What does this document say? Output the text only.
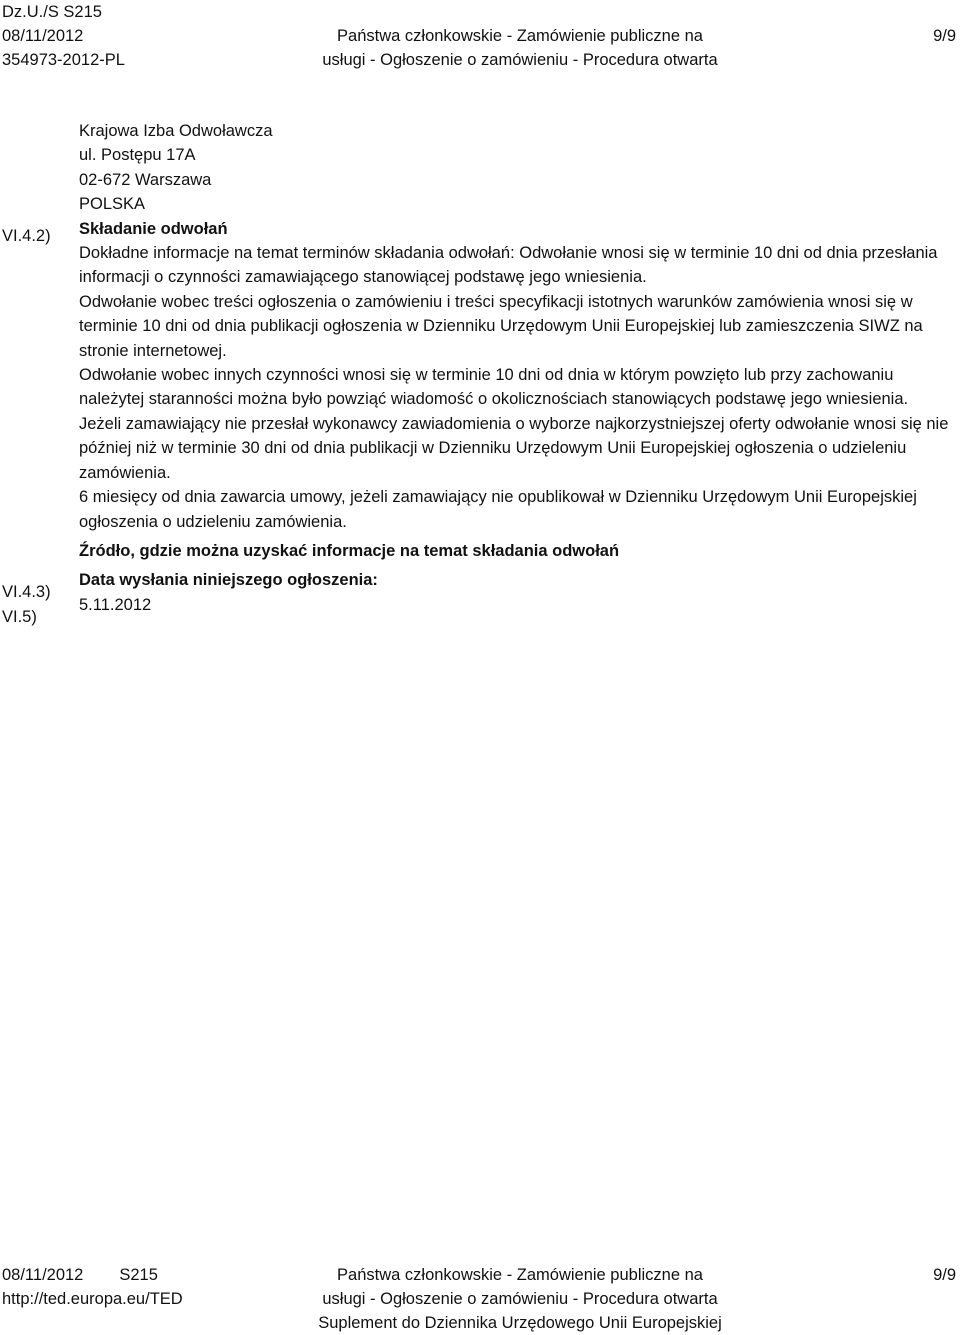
Dz.U./S S215
08/11/2012
354973-2012-PL
Państwa członkowskie - Zamówienie publiczne na
usługi - Ogłoszenie o zamówieniu - Procedura otwarta
9/9
VI.4.2)
VI.4.3)
VI.5)

Krajowa Izba Odwoławcza

ul. Postępu 17A

02-672 Warszawa

POLSKA

Składanie odwołań

Dokładne informacje na temat terminów składania odwołań: Odwołanie wnosi się w terminie 10 dni od dnia przesłania informacji o czynności zamawiającego stanowiącej podstawę jego wniesienia.

Odwołanie wobec treści ogłoszenia o zamówieniu i treści specyfikacji istotnych warunków zamówienia wnosi się w terminie 10 dni od dnia publikacji ogłoszenia w Dzienniku Urzędowym Unii Europejskiej lub zamieszczenia SIWZ na stronie internetowej.

Odwołanie wobec innych czynności wnosi się w terminie 10 dni od dnia w którym powzięto lub przy zachowaniu należytej staranności można było powziąć wiadomość o okolicznościach stanowiących podstawę jego wniesienia.

Jeżeli zamawiający nie przesłał wykonawcy zawiadomienia o wyborze najkorzystniejszej oferty odwołanie wnosi się nie później niż w terminie 30 dni od dnia publikacji w Dzienniku Urzędowym Unii Europejskiej ogłoszenia o udzieleniu zamówienia.

6 miesięcy od dnia zawarcia umowy, jeżeli zamawiający nie opublikował w Dzienniku Urzędowym Unii Europejskiej ogłoszenia o udzieleniu zamówienia.

Źródło, gdzie można uzyskać informacje na temat składania odwołań

Data wysłania niniejszego ogłoszenia:

5.11.2012

08/11/2012 S215
http://ted.europa.eu/TED
Państwa członkowskie - Zamówienie publiczne na
usługi - Ogłoszenie o zamówieniu - Procedura otwarta
Suplement do Dziennika Urzędowego Unii Europejskiej
9/9
